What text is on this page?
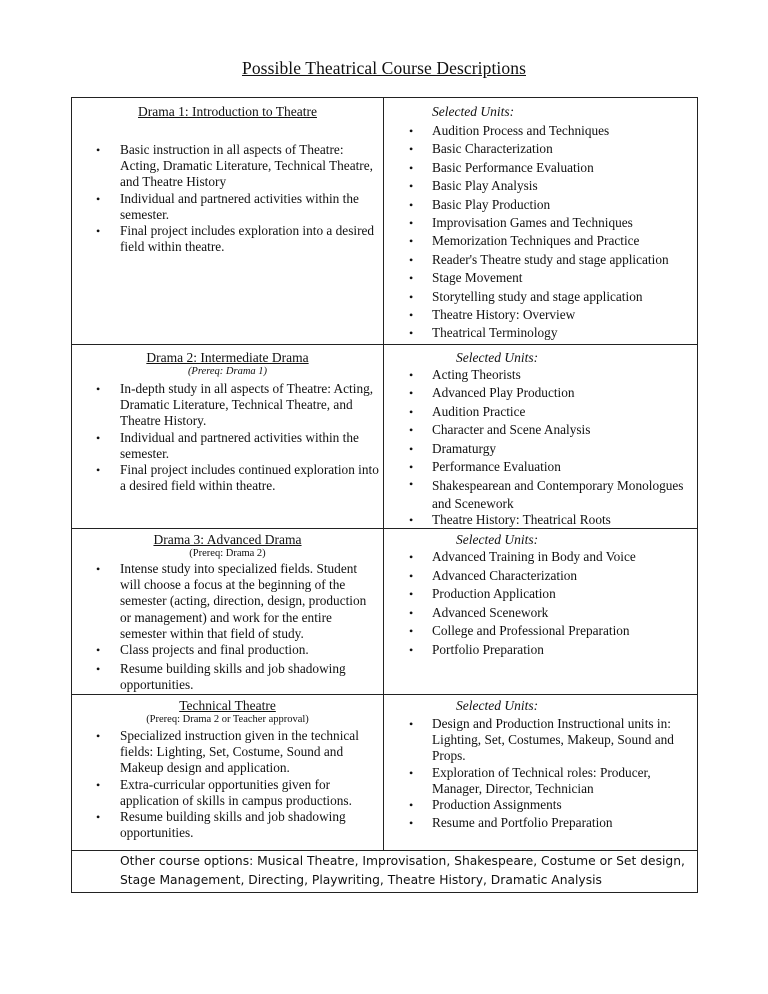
Possible Theatrical Course Descriptions
Drama 1: Introduction to Theatre
• Basic instruction in all aspects of Theatre: Acting, Dramatic Literature, Technical Theatre, and Theatre History
• Individual and partnered activities within the semester.
• Final project includes exploration into a desired field within theatre.
Selected Units:
• Audition Process and Techniques
• Basic Characterization
• Basic Performance Evaluation
• Basic Play Analysis
• Basic Play Production
• Improvisation Games and Techniques
• Memorization Techniques and Practice
• Reader's Theatre study and stage application
• Stage Movement
• Storytelling study and stage application
• Theatre History: Overview
• Theatrical Terminology
Drama 2: Intermediate Drama
(Prereq: Drama 1)
• In-depth study in all aspects of Theatre: Acting, Dramatic Literature, Technical Theatre, and Theatre History.
• Individual and partnered activities within the semester.
• Final project includes continued exploration into a desired field within theatre.
Selected Units:
• Acting Theorists
• Advanced Play Production
• Audition Practice
• Character and Scene Analysis
• Dramaturgy
• Performance Evaluation
• Shakespearean and Contemporary Monologues and Scenework
• Theatre History: Theatrical Roots
Drama 3: Advanced Drama
(Prereq: Drama 2)
• Intense study into specialized fields. Student will choose a focus at the beginning of the semester (acting, direction, design, production or management) and work for the entire semester within that field of study.
• Class projects and final production.
• Resume building skills and job shadowing opportunities.
Selected Units:
• Advanced Training in Body and Voice
• Advanced Characterization
• Production Application
• Advanced Scenework
• College and Professional Preparation
• Portfolio Preparation
Technical Theatre
(Prereq: Drama 2 or Teacher approval)
• Specialized instruction given in the technical fields: Lighting, Set, Costume, Sound and Makeup design and application.
• Extra-curricular opportunities given for application of skills in campus productions.
• Resume building skills and job shadowing opportunities.
Selected Units:
• Design and Production Instructional units in: Lighting, Set, Costumes, Makeup, Sound and Props.
• Exploration of Technical roles: Producer, Manager, Director, Technician
• Production Assignments
• Resume and Portfolio Preparation
Other course options: Musical Theatre, Improvisation, Shakespeare, Costume or Set design, Stage Management, Directing, Playwriting, Theatre History, Dramatic Analysis
